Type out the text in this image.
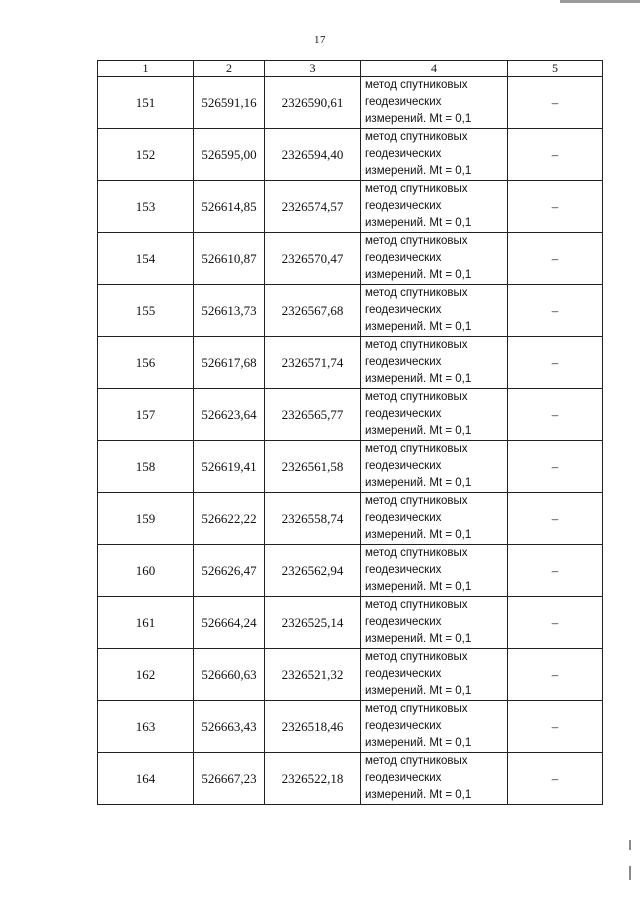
17
1	2	3	4	5
151	526591,16	2326590,61	метод спутниковых
геодезических
измерений. Mt = 0,1	–
152	526595,00	2326594,40	метод спутниковых
геодезических
измерений. Mt = 0,1	–
153	526614,85	2326574,57	метод спутниковых
геодезических
измерений. Mt = 0,1	–
154	526610,87	2326570,47	метод спутниковых
геодезических
измерений. Mt = 0,1	–
155	526613,73	2326567,68	метод спутниковых
геодезических
измерений. Mt = 0,1	–
156	526617,68	2326571,74	метод спутниковых
геодезических
измерений. Mt = 0,1	–
157	526623,64	2326565,77	метод спутниковых
геодезических
измерений. Mt = 0,1	–
158	526619,41	2326561,58	метод спутниковых
геодезических
измерений. Mt = 0,1	–
159	526622,22	2326558,74	метод спутниковых
геодезических
измерений. Mt = 0,1	–
160	526626,47	2326562,94	метод спутниковых
геодезических
измерений. Mt = 0,1	–
161	526664,24	2326525,14	метод спутниковых
геодезических
измерений. Mt = 0,1	–
162	526660,63	2326521,32	метод спутниковых
геодезических
измерений. Mt = 0,1	–
163	526663,43	2326518,46	метод спутниковых
геодезических
измерений. Mt = 0,1	–
164	526667,23	2326522,18	метод спутниковых
геодезических
измерений. Mt = 0,1	–
